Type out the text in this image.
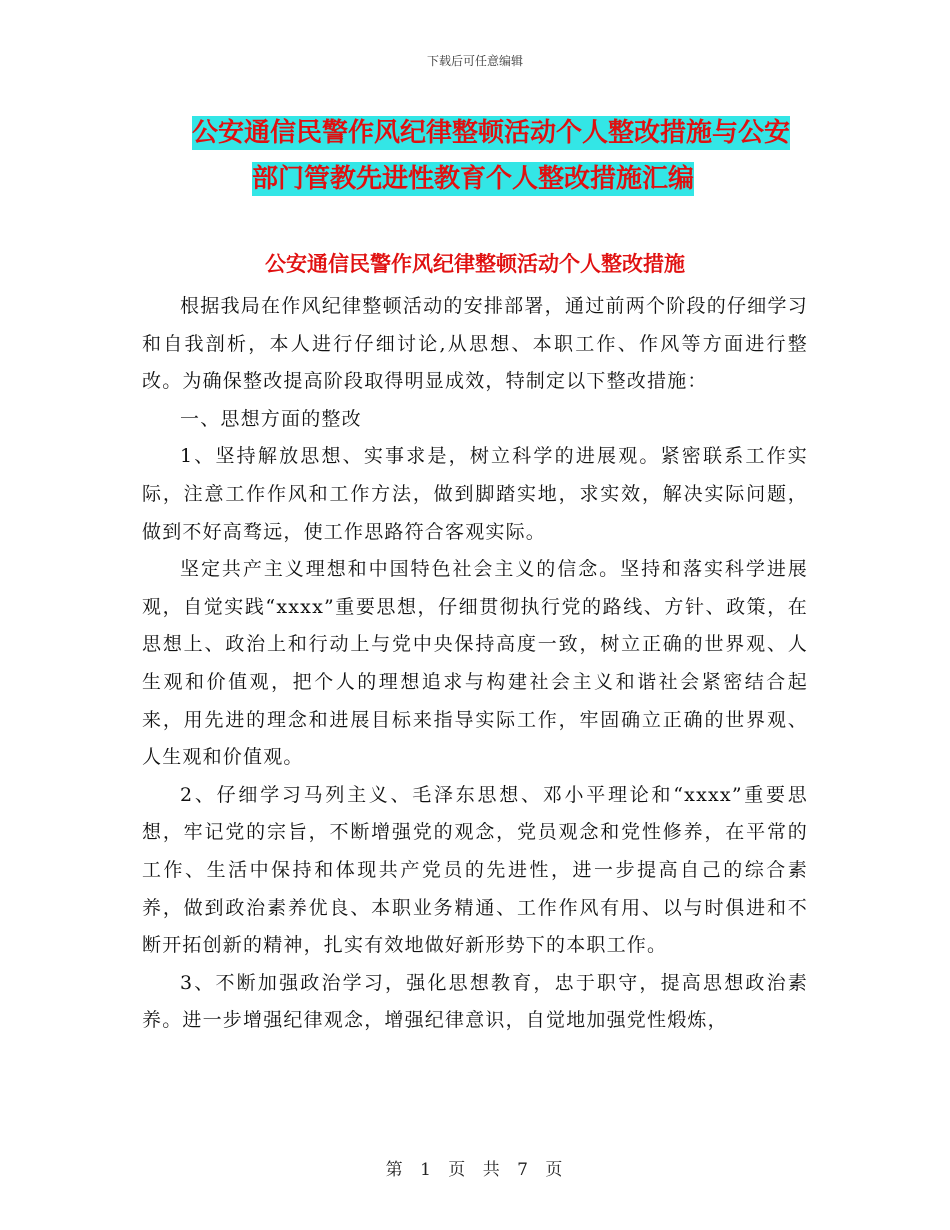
下载后可任意编辑
公安通信民警作风纪律整顿活动个人整改措施与公安
部门管教先进性教育个人整改措施汇编
公安通信民警作风纪律整顿活动个人整改措施

根据我局在作风纪律整顿活动的安排部署，通过前两个阶段的仔细学习和自我剖析，本人进行仔细讨论,从思想、本职工作、作风等方面进行整改。为确保整改提高阶段取得明显成效，特制定以下整改措施：

一、思想方面的整改

1、坚持解放思想、实事求是，树立科学的进展观。紧密联系工作实际，注意工作作风和工作方法，做到脚踏实地，求实效，解决实际问题，做到不好高骛远，使工作思路符合客观实际。

坚定共产主义理想和中国特色社会主义的信念。坚持和落实科学进展观，自觉实践“xxxx”重要思想，仔细贯彻执行党的路线、方针、政策，在思想上、政治上和行动上与党中央保持高度一致，树立正确的世界观、人生观和价值观，把个人的理想追求与构建社会主义和谐社会紧密结合起来，用先进的理念和进展目标来指导实际工作，牢固确立正确的世界观、人生观和价值观。

2、仔细学习马列主义、毛泽东思想、邓小平理论和“xxxx”重要思想，牢记党的宗旨，不断增强党的观念，党员观念和党性修养，在平常的工作、生活中保持和体现共产党员的先进性，进一步提高自己的综合素养，做到政治素养优良、本职业务精通、工作作风有用、以与时俱进和不断开拓创新的精神，扎实有效地做好新形势下的本职工作。

3、不断加强政治学习，强化思想教育，忠于职守，提高思想政治素养。进一步增强纪律观念，增强纪律意识，自觉地加强党性煅炼，

第 1 页 共 7 页
